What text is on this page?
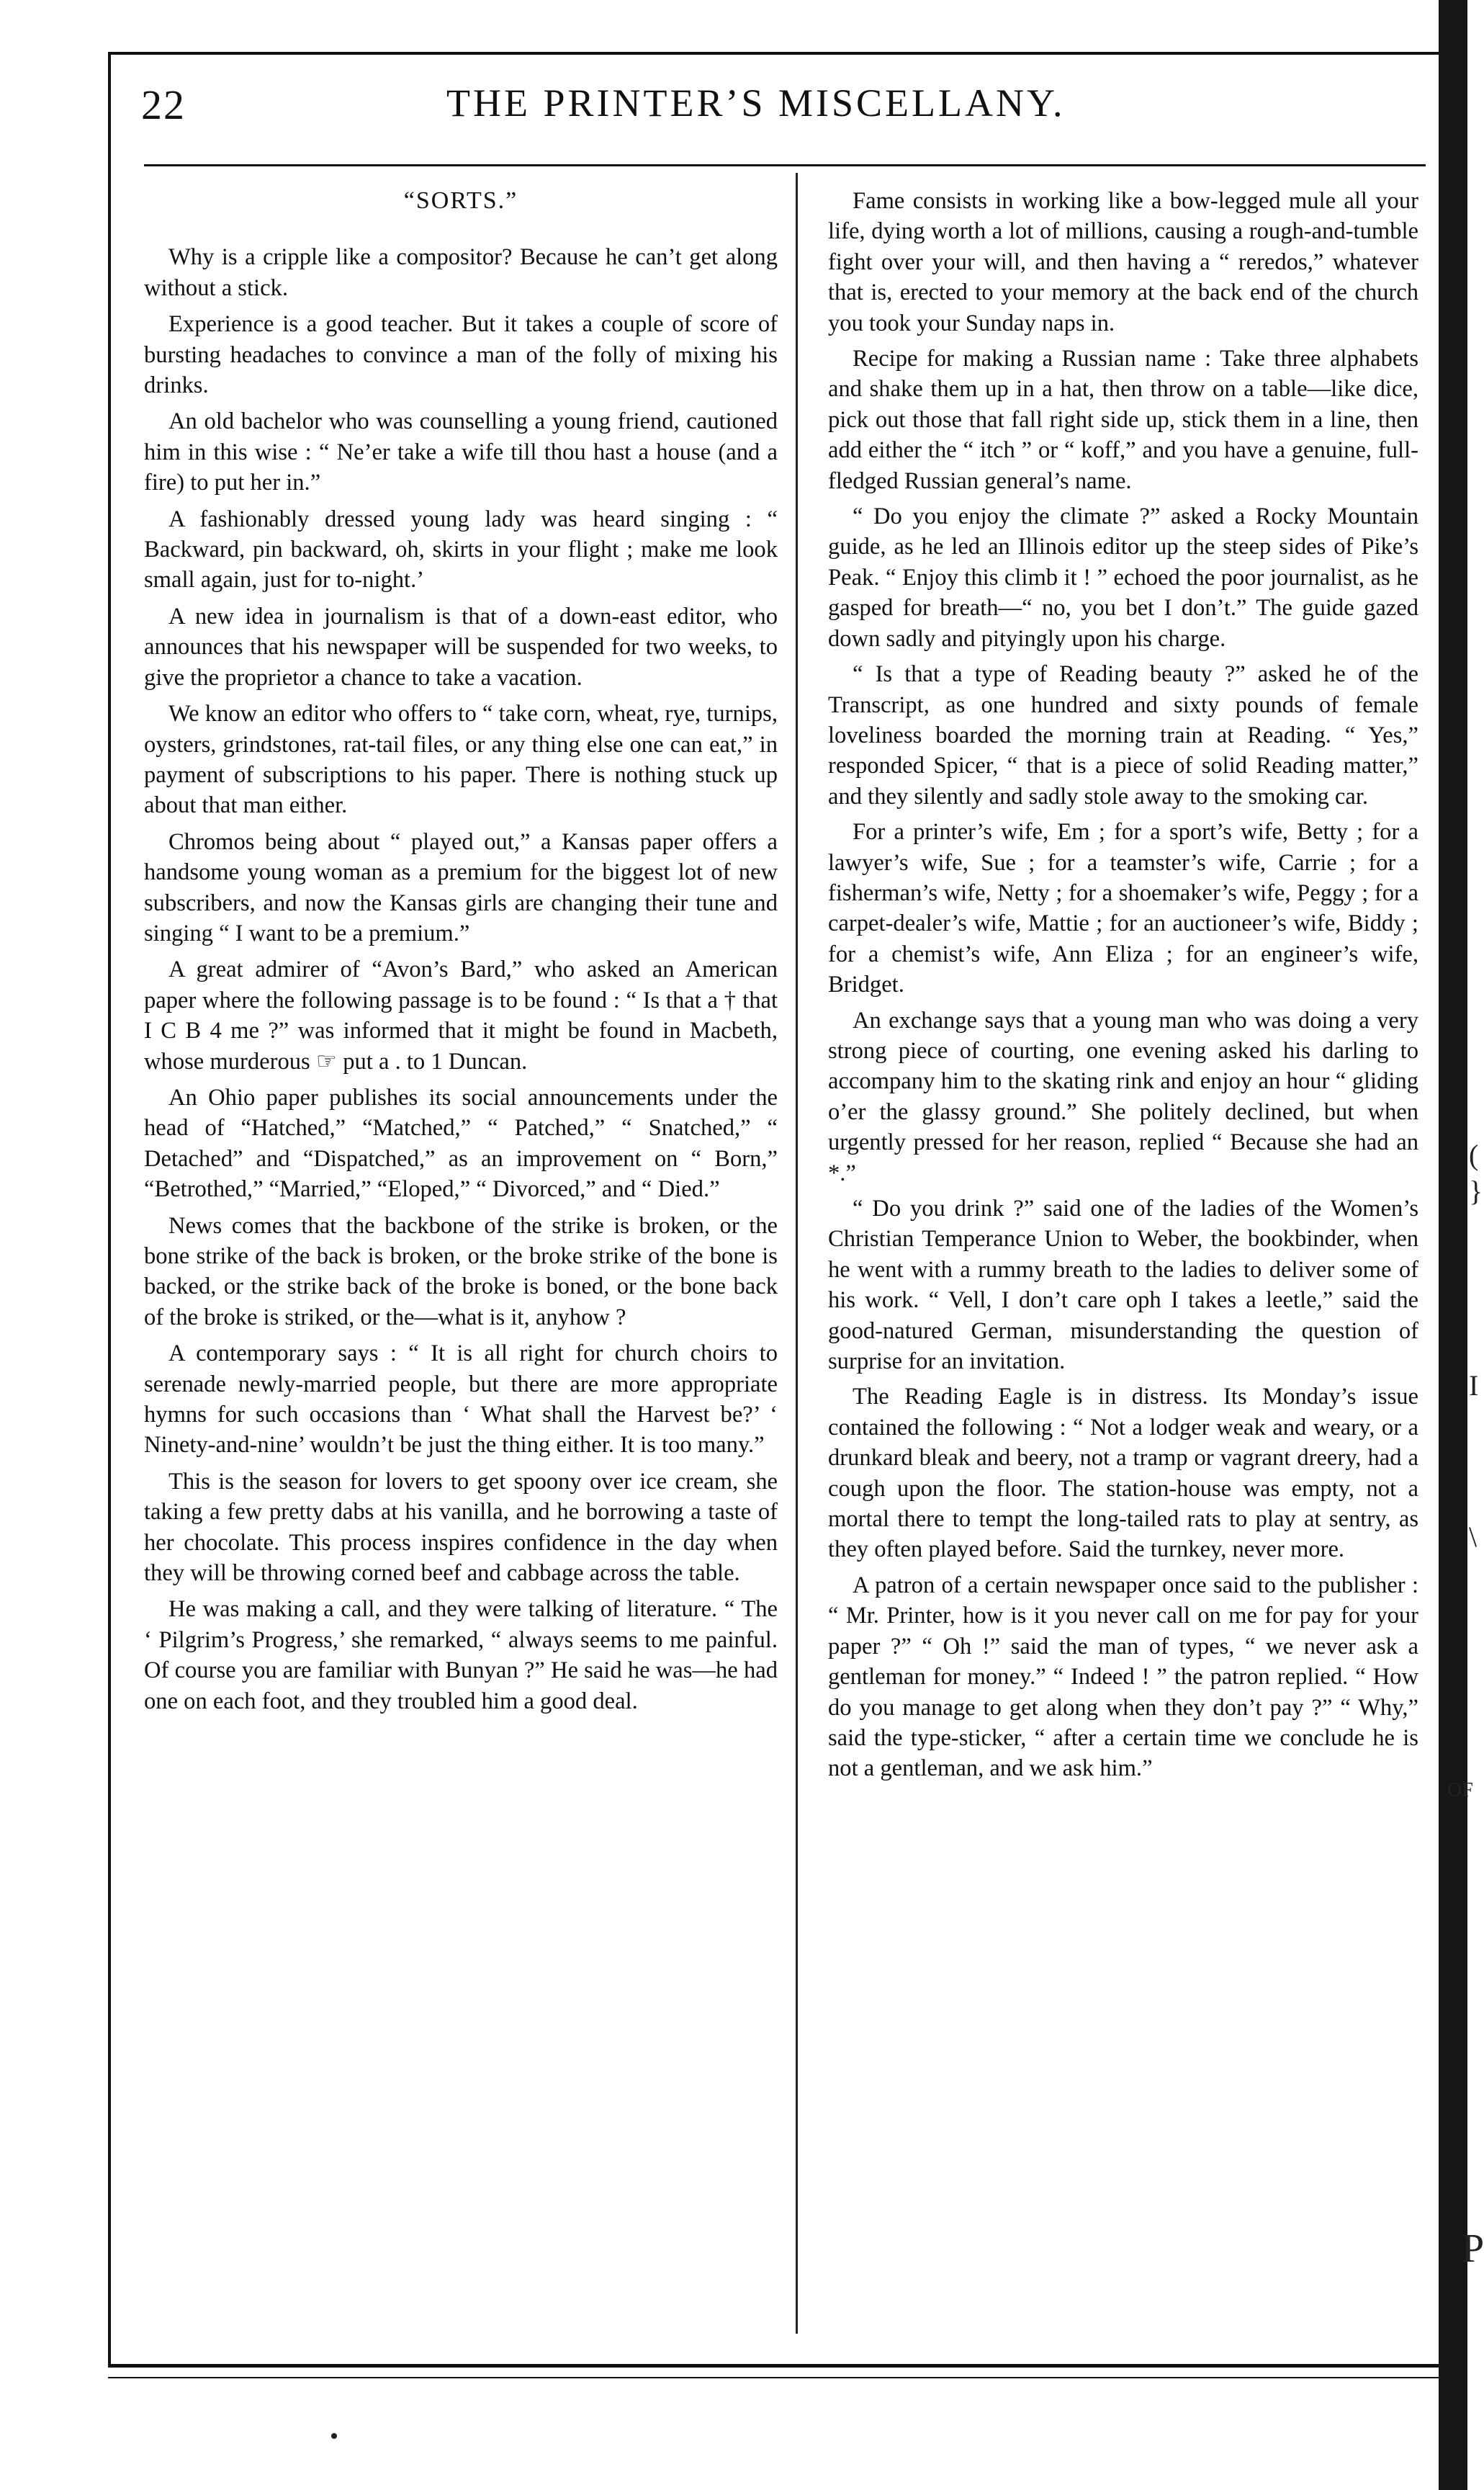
22	THE PRINTER’S MISCELLANY.
“SORTS.”

Why is a cripple like a compositor? Because he can’t get along without a stick.

Experience is a good teacher. But it takes a couple of score of bursting headaches to convince a man of the folly of mixing his drinks.

An old bachelor who was counselling a young friend, cautioned him in this wise : “ Ne’er take a wife till thou hast a house (and a fire) to put her in.”

A fashionably dressed young lady was heard singing : “ Backward, pin backward, oh, skirts in your flight ; make me look small again, just for to-night.’

A new idea in journalism is that of a down-east editor, who announces that his newspaper will be suspended for two weeks, to give the proprietor a chance to take a vacation.

We know an editor who offers to “ take corn, wheat, rye, turnips, oysters, grindstones, rat-tail files, or any thing else one can eat,” in payment of subscriptions to his paper. There is nothing stuck up about that man either.

Chromos being about “ played out,” a Kansas paper offers a handsome young woman as a premium for the biggest lot of new subscribers, and now the Kansas girls are changing their tune and singing “ I want to be a premium.”

A great admirer of “Avon’s Bard,” who asked an American paper where the following passage is to be found : “ Is that a † that I C B 4 me ?” was informed that it might be found in Macbeth, whose murderous ☞ put a . to 1 Duncan.

An Ohio paper publishes its social announcements under the head of “Hatched,” “Matched,” “ Patched,” “ Snatched,” “ Detached” and “Dispatched,” as an improvement on “ Born,” “Betrothed,” “Married,” “Eloped,” “ Divorced,” and “ Died.”

News comes that the backbone of the strike is broken, or the bone strike of the back is broken, or the broke strike of the bone is backed, or the strike back of the broke is boned, or the bone back of the broke is striked, or the—what is it, anyhow ?

A contemporary says : “ It is all right for church choirs to serenade newly-married people, but there are more appropriate hymns for such occasions than ‘ What shall the Harvest be?’ ‘ Ninety-and-nine’ wouldn’t be just the thing either. It is too many.”

This is the season for lovers to get spoony over ice cream, she taking a few pretty dabs at his vanilla, and he borrowing a taste of her chocolate. This process inspires confidence in the day when they will be throwing corned beef and cabbage across the table.

He was making a call, and they were talking of literature. “ The ‘ Pilgrim’s Progress,’ she remarked, “ always seems to me painful. Of course you are familiar with Bunyan ?” He said he was—he had one on each foot, and they troubled him a good deal.

Fame consists in working like a bow-legged mule all your life, dying worth a lot of millions, causing a rough-and-tumble fight over your will, and then having a “ reredos,” whatever that is, erected to your memory at the back end of the church you took your Sunday naps in.

Recipe for making a Russian name : Take three alphabets and shake them up in a hat, then throw on a table—like dice, pick out those that fall right side up, stick them in a line, then add either the “ itch ” or “ koff,” and you have a genuine, full-fledged Russian general’s name.

“ Do you enjoy the climate ?” asked a Rocky Mountain guide, as he led an Illinois editor up the steep sides of Pike’s Peak. “ Enjoy this climb it ! ” echoed the poor journalist, as he gasped for breath—“ no, you bet I don’t.” The guide gazed down sadly and pityingly upon his charge.

“ Is that a type of Reading beauty ?” asked he of the Transcript, as one hundred and sixty pounds of female loveliness boarded the morning train at Reading. “ Yes,” responded Spicer, “ that is a piece of solid Reading matter,” and they silently and sadly stole away to the smoking car.

For a printer’s wife, Em ; for a sport’s wife, Betty ; for a lawyer’s wife, Sue ; for a teamster’s wife, Carrie ; for a fisherman’s wife, Netty ; for a shoemaker’s wife, Peggy ; for a carpet-dealer’s wife, Mattie ; for an auctioneer’s wife, Biddy ; for a chemist’s wife, Ann Eliza ; for an engineer’s wife, Bridget.

An exchange says that a young man who was doing a very strong piece of courting, one evening asked his darling to accompany him to the skating rink and enjoy an hour “ gliding o’er the glassy ground.” She politely declined, but when urgently pressed for her reason, replied “ Because she had an *.”

“ Do you drink ?” said one of the ladies of the Women’s Christian Temperance Union to Weber, the bookbinder, when he went with a rummy breath to the ladies to deliver some of his work. “ Vell, I don’t care oph I takes a leetle,” said the good-natured German, misunderstanding the question of surprise for an invitation.

The Reading Eagle is in distress. Its Monday’s issue contained the following : “ Not a lodger weak and weary, or a drunkard bleak and beery, not a tramp or vagrant dreery, had a cough upon the floor. The station-house was empty, not a mortal there to tempt the long-tailed rats to play at sentry, as they often played before. Said the turnkey, never more.

A patron of a certain newspaper once said to the publisher : “ Mr. Printer, how is it you never call on me for pay for your paper ?” “ Oh !” said the man of types, “ we never ask a gentleman for money.” “ Indeed ! ” the patron replied. “ How do you manage to get along when they don’t pay ?” “ Why,” said the type-sticker, “ after a certain time we conclude he is not a gentleman, and we ask him.”

(
}
I
\
OF
P
